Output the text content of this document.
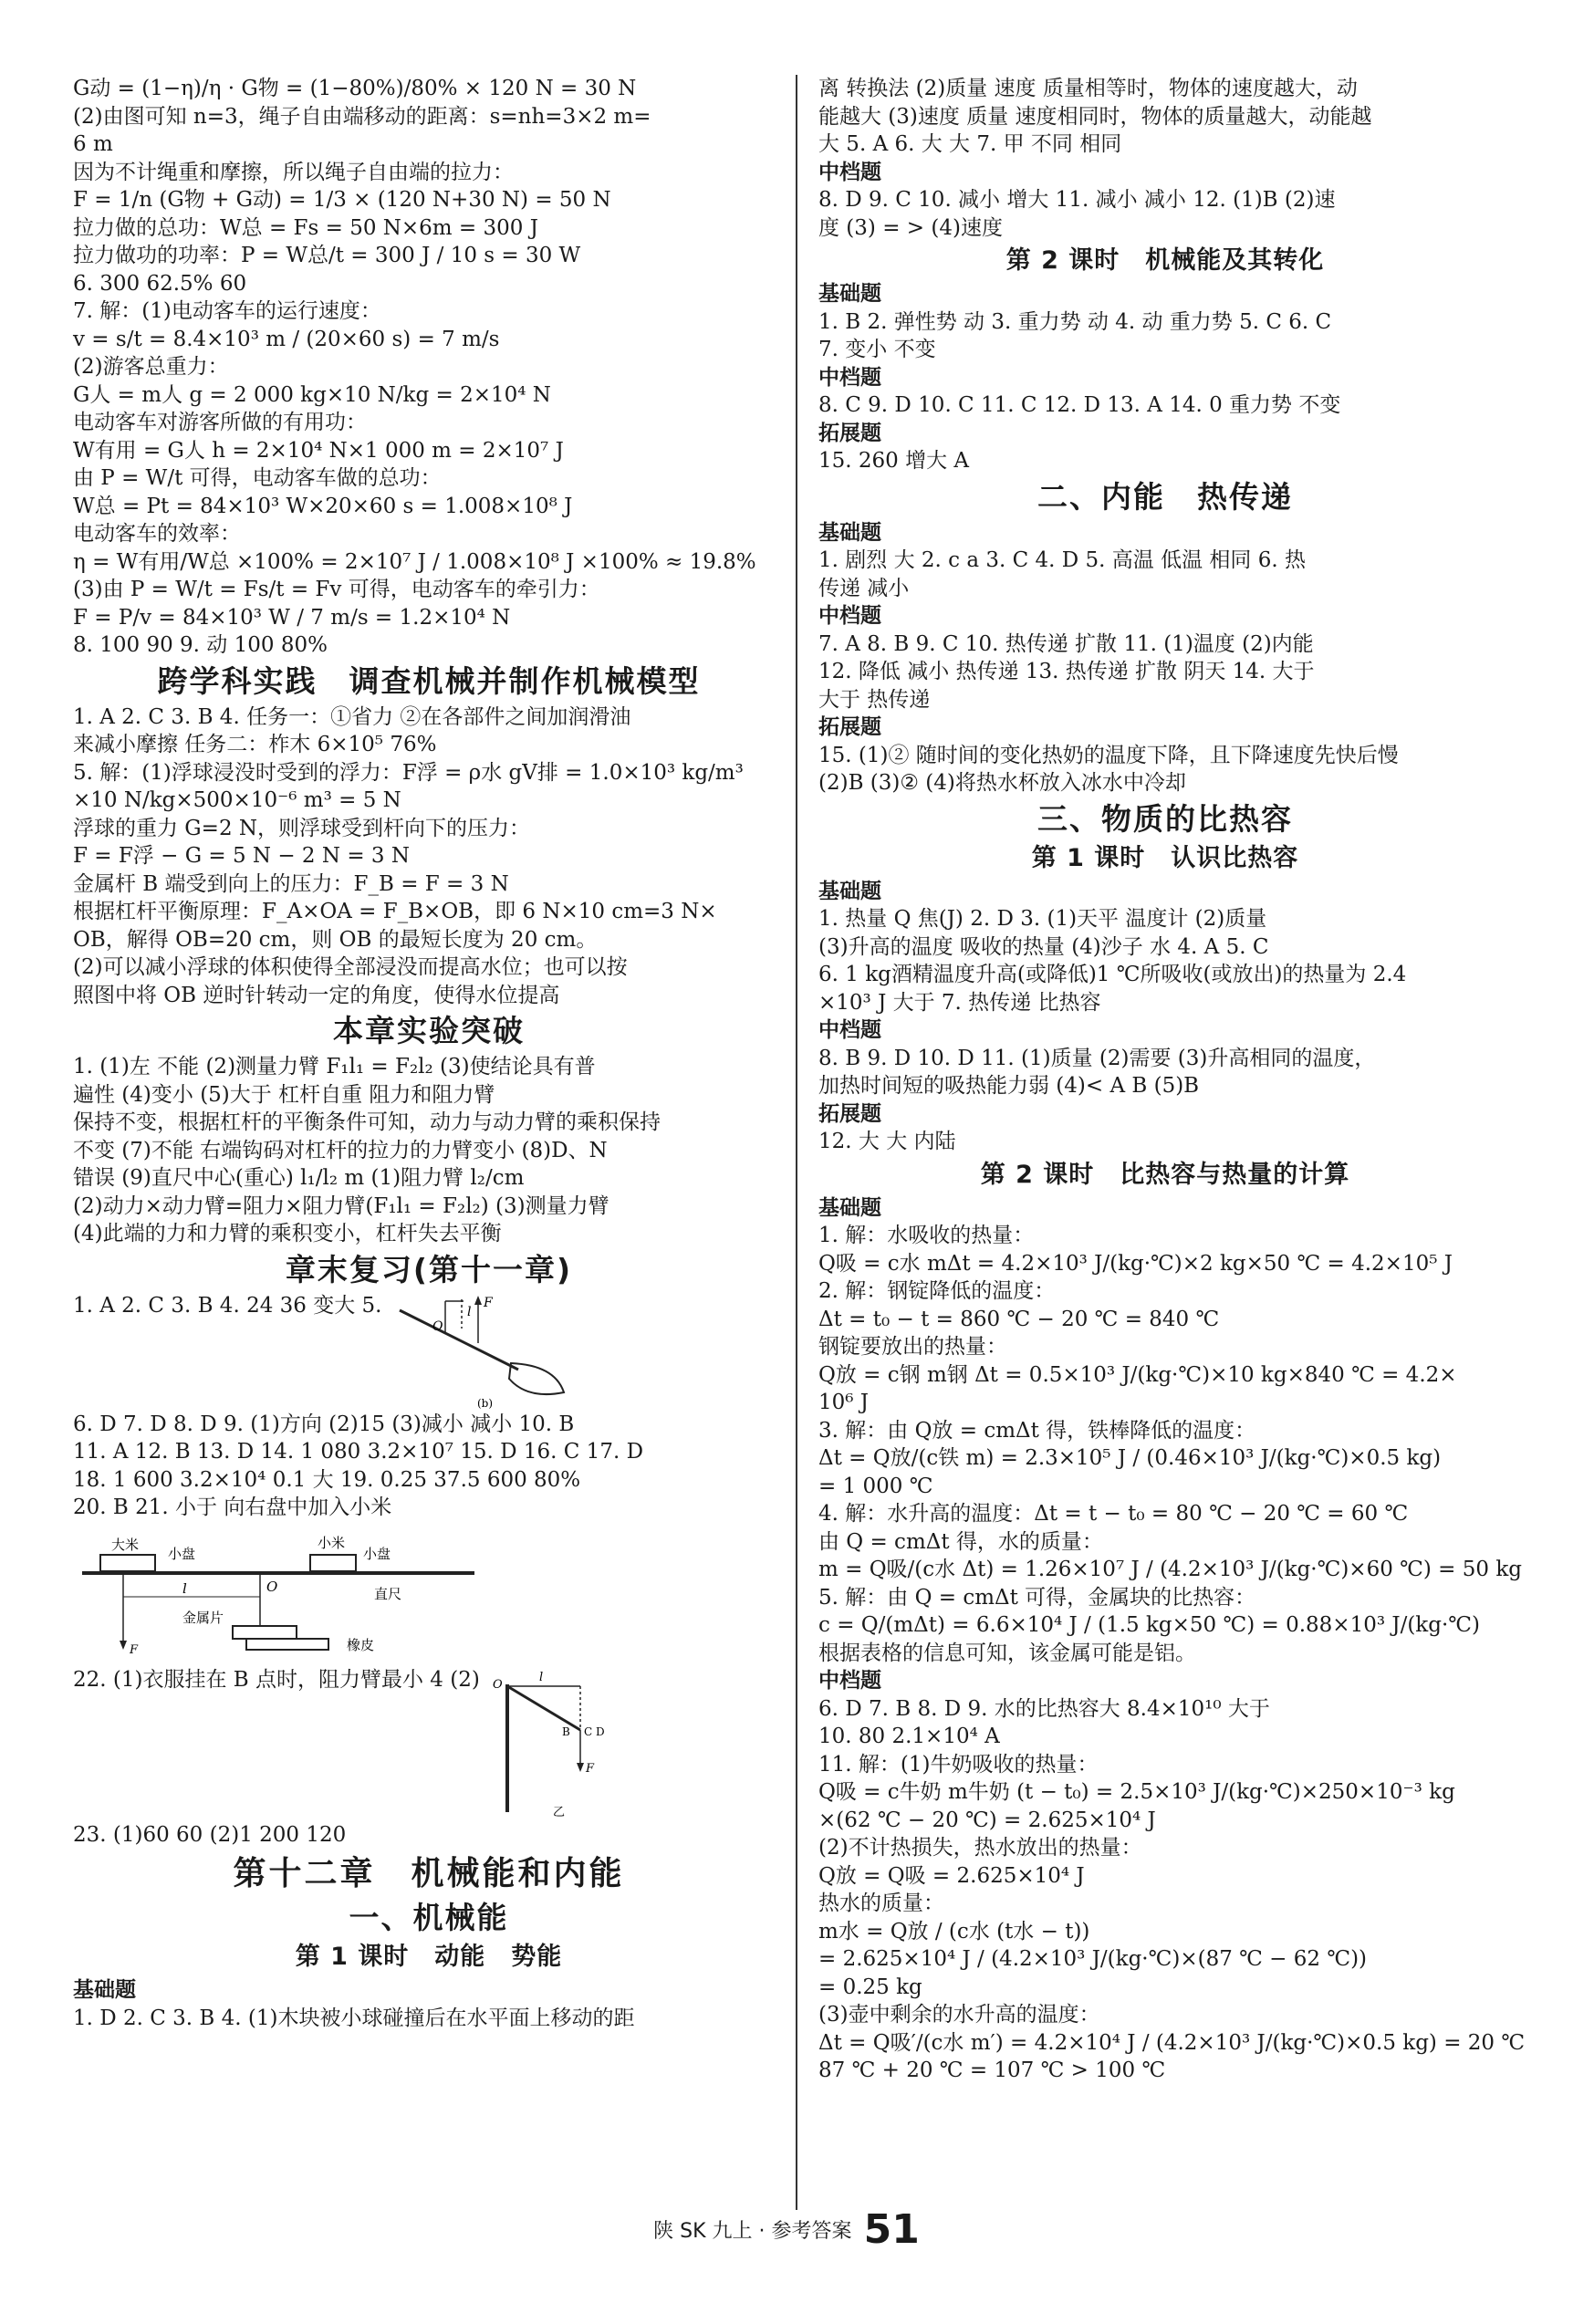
G动 = (1−η)/η · G物 = (1−80%)/80% × 120 N = 30 N
(2)由图可知 n=3，绳子自由端移动的距离：s=nh=3×2 m=
6 m
因为不计绳重和摩擦，所以绳子自由端的拉力：
F = 1/n (G物 + G动) = 1/3 × (120 N+30 N) = 50 N
拉力做的总功：W总 = Fs = 50 N×6m = 300 J
拉力做功的功率：P = W总/t = 300 J / 10 s = 30 W
6. 300 62.5% 60
7. 解：(1)电动客车的运行速度：
v = s/t = 8.4×10³ m / (20×60 s) = 7 m/s
(2)游客总重力：
G人 = m人 g = 2 000 kg×10 N/kg = 2×10⁴ N
电动客车对游客所做的有用功：
W有用 = G人 h = 2×10⁴ N×1 000 m = 2×10⁷ J
由 P = W/t 可得，电动客车做的总功：
W总 = Pt = 84×10³ W×20×60 s = 1.008×10⁸ J
电动客车的效率：
η = W有用/W总 ×100% = 2×10⁷ J / 1.008×10⁸ J ×100% ≈ 19.8%
(3)由 P = W/t = Fs/t = Fv 可得，电动客车的牵引力：
F = P/v = 84×10³ W / 7 m/s = 1.2×10⁴ N
8. 100 90 9. 动 100 80%
跨学科实践　调查机械并制作机械模型
1. A 2. C 3. B 4. 任务一：①省力 ②在各部件之间加润滑油
来减小摩擦 任务二：柞木 6×10⁵ 76%
5. 解：(1)浮球浸没时受到的浮力：F浮 = ρ水 gV排 = 1.0×10³ kg/m³
×10 N/kg×500×10⁻⁶ m³ = 5 N
浮球的重力 G=2 N，则浮球受到杆向下的压力：
F = F浮 − G = 5 N − 2 N = 3 N
金属杆 B 端受到向上的压力：F_B = F = 3 N
根据杠杆平衡原理：F_A×OA = F_B×OB，即 6 N×10 cm=3 N×
OB，解得 OB=20 cm，则 OB 的最短长度为 20 cm。
(2)可以减小浮球的体积使得全部浸没而提高水位；也可以按
照图中将 OB 逆时针转动一定的角度，使得水位提高
本章实验突破
1. (1)左 不能 (2)测量力臂 F₁l₁ = F₂l₂ (3)使结论具有普
遍性 (4)变小 (5)大于 杠杆自重 阻力和阻力臂
保持不变，根据杠杆的平衡条件可知，动力与动力臂的乘积保持
不变 (7)不能 右端钩码对杠杆的拉力的力臂变小 (8)D、N
错误 (9)直尺中心(重心) l₁/l₂ m (1)阻力臂 l₂/cm
(2)动力×动力臂=阻力×阻力臂(F₁l₁ = F₂l₂) (3)测量力臂
(4)此端的力和力臂的乘积变小，杠杆失去平衡
章末复习(第十一章)
1. A 2. C 3. B 4. 24 36 变大 5.	F
l
O
(b)
6. D 7. D 8. D 9. (1)方向 (2)15 (3)减小 减小 10. B
11. A 12. B 13. D 14. 1 080 3.2×10⁷ 15. D 16. C 17. D
18. 1 600 3.2×10⁴ 0.1 大 19. 0.25 37.5 600 80%
20. B 21. 小于 向右盘中加入小米
大米
小盘
小米
小盘
l	O	直尺
金属片
橡皮
F
22. (1)衣服挂在 B 点时，阻力臂最小 4 (2) O
l
B C D
F
乙
23. (1)60 60 (2)1 200 120
第十二章　机械能和内能
一、机械能
第 1 课时　动能　势能
基础题
1. D 2. C 3. B 4. (1)木块被小球碰撞后在水平面上移动的距
离 转换法 (2)质量 速度 质量相等时，物体的速度越大，动
能越大 (3)速度 质量 速度相同时，物体的质量越大，动能越
大 5. A 6. 大 大 7. 甲 不同 相同
中档题
8. D 9. C 10. 减小 增大 11. 减小 减小 12. (1)B (2)速
度 (3) = > (4)速度
第 2 课时　机械能及其转化
基础题
1. B 2. 弹性势 动 3. 重力势 动 4. 动 重力势 5. C 6. C
7. 变小 不变
中档题
8. C 9. D 10. C 11. C 12. D 13. A 14. 0 重力势 不变
拓展题
15. 260 增大 A
二、内能　热传递
基础题
1. 剧烈 大 2. c a 3. C 4. D 5. 高温 低温 相同 6. 热
传递 减小
中档题
7. A 8. B 9. C 10. 热传递 扩散 11. (1)温度 (2)内能
12. 降低 减小 热传递 13. 热传递 扩散 阴天 14. 大于
大于 热传递
拓展题
15. (1)② 随时间的变化热奶的温度下降，且下降速度先快后慢
(2)B (3)② (4)将热水杯放入冰水中冷却
三、物质的比热容
第 1 课时　认识比热容
基础题
1. 热量 Q 焦(J) 2. D 3. (1)天平 温度计 (2)质量
(3)升高的温度 吸收的热量 (4)沙子 水 4. A 5. C
6. 1 kg酒精温度升高(或降低)1 ℃所吸收(或放出)的热量为 2.4
×10³ J 大于 7. 热传递 比热容
中档题
8. B 9. D 10. D 11. (1)质量 (2)需要 (3)升高相同的温度，
加热时间短的吸热能力弱 (4)< A B (5)B
拓展题
12. 大 大 内陆
第 2 课时　比热容与热量的计算
基础题
1. 解：水吸收的热量：
Q吸 = c水 mΔt = 4.2×10³ J/(kg·℃)×2 kg×50 ℃ = 4.2×10⁵ J
2. 解：钢锭降低的温度：
Δt = t₀ − t = 860 ℃ − 20 ℃ = 840 ℃
钢锭要放出的热量：
Q放 = c钢 m钢 Δt = 0.5×10³ J/(kg·℃)×10 kg×840 ℃ = 4.2×
10⁶ J
3. 解：由 Q放 = cmΔt 得，铁棒降低的温度：
Δt = Q放/(c铁 m) = 2.3×10⁵ J / (0.46×10³ J/(kg·℃)×0.5 kg)
= 1 000 ℃
4. 解：水升高的温度：Δt = t − t₀ = 80 ℃ − 20 ℃ = 60 ℃
由 Q = cmΔt 得，水的质量：
m = Q吸/(c水 Δt) = 1.26×10⁷ J / (4.2×10³ J/(kg·℃)×60 ℃) = 50 kg
5. 解：由 Q = cmΔt 可得，金属块的比热容：
c = Q/(mΔt) = 6.6×10⁴ J / (1.5 kg×50 ℃) = 0.88×10³ J/(kg·℃)
根据表格的信息可知，该金属可能是铝。
中档题
6. D 7. B 8. D 9. 水的比热容大 8.4×10¹⁰ 大于
10. 80 2.1×10⁴ A
11. 解：(1)牛奶吸收的热量：
Q吸 = c牛奶 m牛奶 (t − t₀) = 2.5×10³ J/(kg·℃)×250×10⁻³ kg
×(62 ℃ − 20 ℃) = 2.625×10⁴ J
(2)不计热损失，热水放出的热量：
Q放 = Q吸 = 2.625×10⁴ J
热水的质量：
m水 = Q放 / (c水 (t水 − t))
= 2.625×10⁴ J / (4.2×10³ J/(kg·℃)×(87 ℃ − 62 ℃))
= 0.25 kg
(3)壶中剩余的水升高的温度：
Δt = Q吸′/(c水 m′) = 4.2×10⁴ J / (4.2×10³ J/(kg·℃)×0.5 kg) = 20 ℃
87 ℃ + 20 ℃ = 107 ℃ > 100 ℃
陕 SK 九上 · 参考答案 51
